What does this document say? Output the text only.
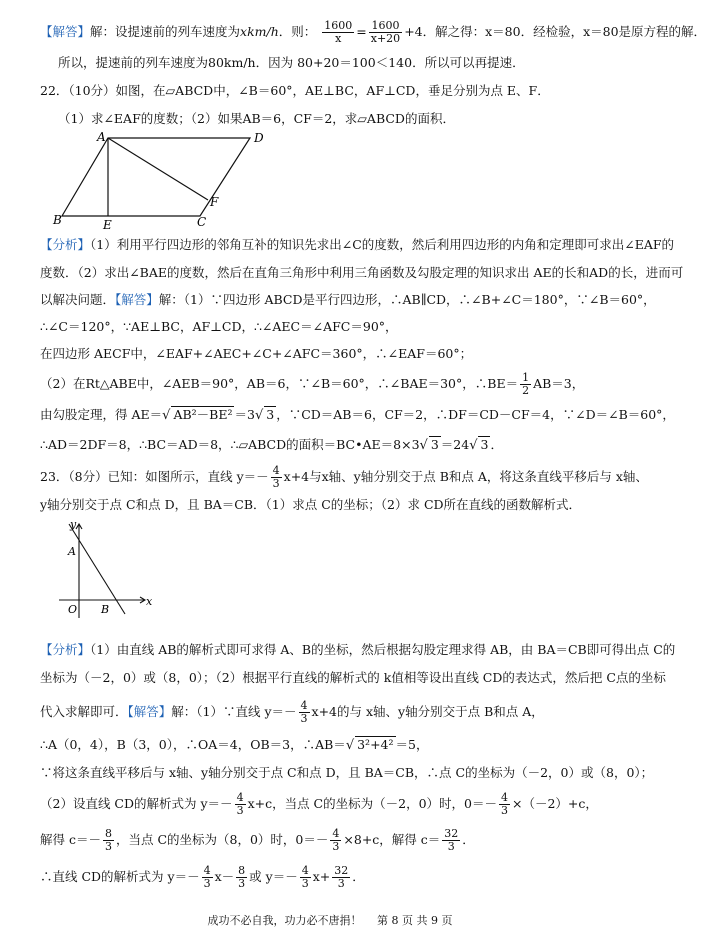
【解答】解：设提速前的列车速度为xkm/h．则： $\frac{1600}{x} = \frac{1600}{x+20} +4$．解之得：x＝80．经检验，x＝80是原方程的解．
所以，提速前的列车速度为80km/h．因为 80+20＝100＜140．所以可以再提速．
22．（10分）如图，在▱ABCD中，∠B＝60°，AE⊥BC，AF⊥CD，垂足分别为点 E、F．
（1）求∠EAF的度数；（2）如果AB＝6，CF＝2，求▱ABCD的面积．
A	D
F
B	E	C
【分析】（1）利用平行四边形的邻角互补的知识先求出∠C的度数，然后利用四边形的内角和定理即可求出∠EAF的
度数．（2）求出∠BAE的度数，然后在直角三角形中利用三角函数及勾股定理的知识求出 AE的长和AD的长，进而可
以解决问题．【解答】解：（1）∵四边形 ABCD是平行四边形，∴AB∥CD，∴∠B+∠C＝180°，∵∠B＝60°，
∴∠C＝120°，∵AE⊥BC，AF⊥CD，∴∠AEC＝∠AFC＝90°，
在四边形 AECF中，∠EAF+∠AEC+∠C+∠AFC＝360°，∴∠EAF＝60°；
（2）在Rt△ABE中，∠AEB＝90°，AB＝6，∵∠B＝60°，∴∠BAE＝30°，∴BE＝ $\frac{1}{2} AB=3$，
由勾股定理，得 AE＝√ AB²－BE² ＝3√ 3 ，∵CD＝AB＝6，CF＝2，∴DF＝CD－CF＝4，∵∠D＝∠B＝60°，
∴AD＝2DF＝8，∴BC＝AD＝8，∴▱ABCD的面积＝BC•AE＝8×3√ 3 ＝24√ 3 ．
23．（8分）已知：如图所示，直线 $y=- \frac{4}{3} x+4$与x轴、y轴分别交于点 B和点 A，将这条直线平移后与 x轴、
y轴分别交于点 C和点 D，且 BA＝CB．（1）求点 C的坐标；（2）求 CD所在直线的函数解析式．
y
A
O B
x
【分析】（1）由直线 AB的解析式即可求得 A、B的坐标，然后根据勾股定理求得 AB，由 BA＝CB即可得出点 C的
坐标为（－2，0）或（8，0）；（2）根据平行直线的解析式的 k值相等设出直线 CD的表达式，然后把 C点的坐标
代入求解即可．【解答】解：（1）∵直线 $y=- \frac{4}{3} x+4$的与 x轴、y轴分别交于点 B和点 A，
∴A（0，4），B（3，0），∴OA＝4，OB＝3，∴AB＝√ 3²+4² ＝5，
∵将这条直线平移后与 x轴、y轴分别交于点 C和点 D，且 BA＝CB，∴点 C的坐标为（－2，0）或（8，0）；
（2）设直线 CD的解析式为 $y=- \frac{4}{3} x+c$，当点 C的坐标为（－2，0）时，$0=- \frac{4}{3} \times(-2)+c$，
解得 $c=- \frac{8}{3}$ ，当点 C的坐标为（8，0）时，$0=- \frac{4}{3} \times 8+c$，解得 $c= \frac{32}{3}$ ．
∴直线 CD的解析式为 $y=- \frac{4}{3} x- \frac{8}{3}$ 或 $y=- \frac{4}{3} x+ \frac{32}{3}$ ．
成功不必自我，功力必不唐捐！ 第 8 页 共 9 页
